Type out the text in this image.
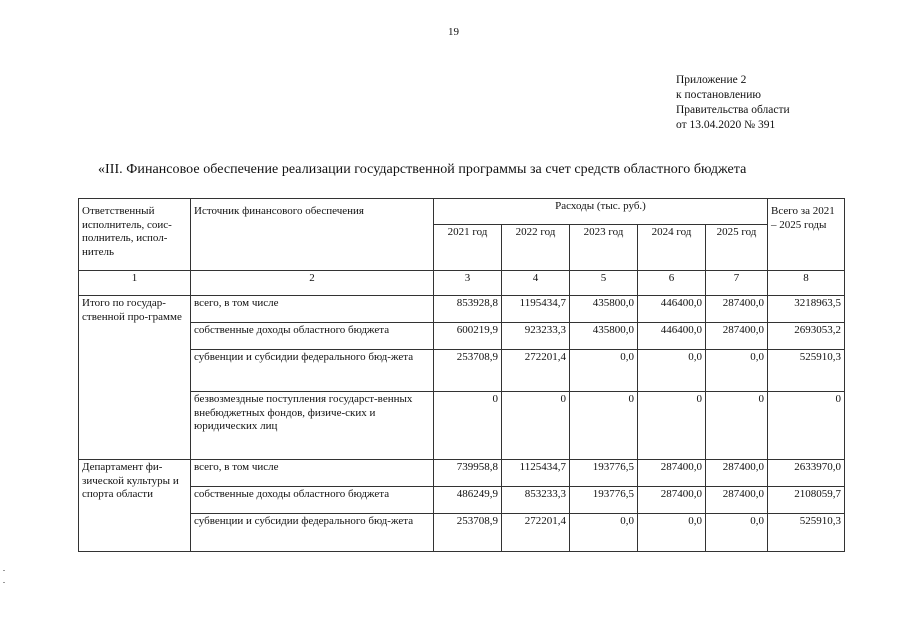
19
Приложение 2
к постановлению
Правительства области
от 13.04.2020 № 391
«III. Финансовое обеспечение реализации государственной программы за счет средств областного бюджета
Ответственный исполнитель, соис-полнитель, испол-нитель	Источник финансового обеспечения	Расходы (тыс. руб.)					Всего за 2021 – 2025 годы
		2021 год	2022 год	2023 год	2024 год	2025 год	
1	2	3	4	5	6	7	8
Итого по государ-ственной про-грамме	всего, в том числе	853928,8	1195434,7	435800,0	446400,0	287400,0	3218963,5
	собственные доходы областного бюджета	600219,9	923233,3	435800,0	446400,0	287400,0	2693053,2
	субвенции и субсидии федерального бюд-жета	253708,9	272201,4	0,0	0,0	0,0	525910,3
	безвозмездные поступления государст-венных внебюджетных фондов, физиче-ских и юридических лиц	0	0	0	0	0	0
Департамент фи-зической культуры и спорта области	всего, в том числе	739958,8	1125434,7	193776,5	287400,0	287400,0	2633970,0
	собственные доходы областного бюджета	486249,9	853233,3	193776,5	287400,0	287400,0	2108059,7
	субвенции и субсидии федерального бюд-жета	253708,9	272201,4	0,0	0,0	0,0	525910,3
